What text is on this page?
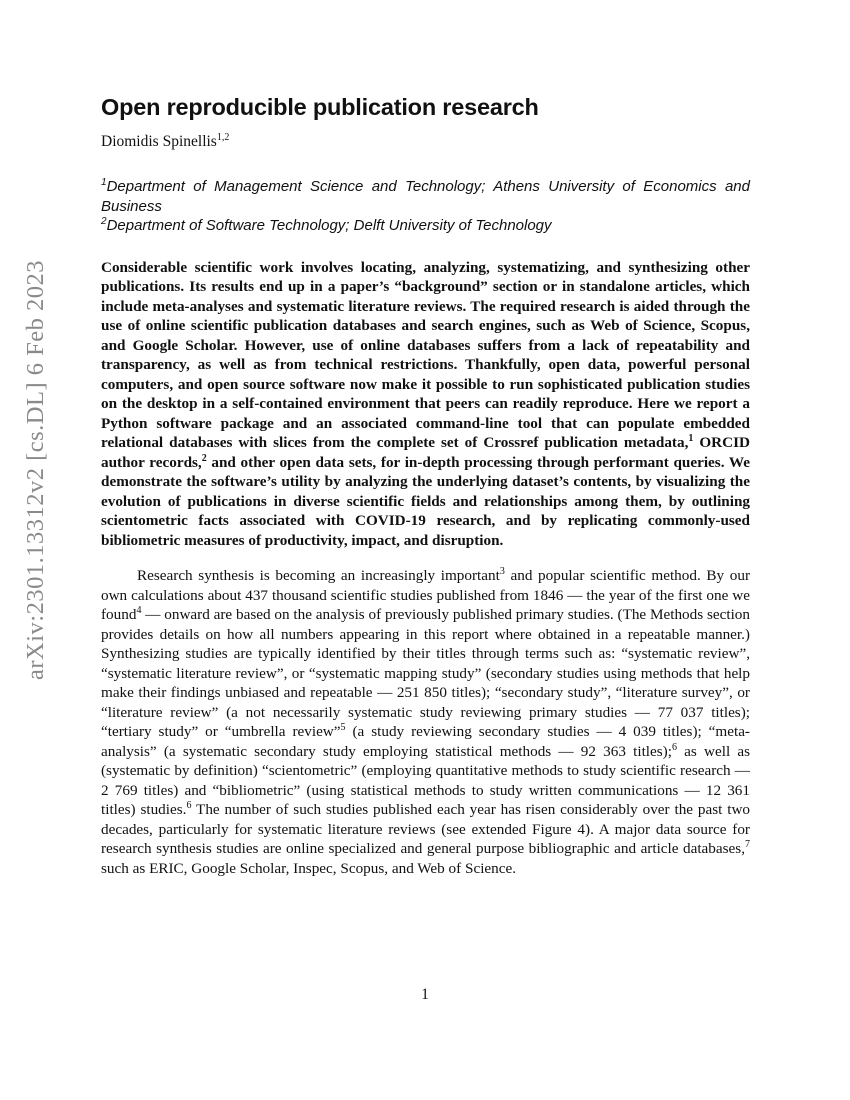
arXiv:2301.13312v2 [cs.DL] 6 Feb 2023
Open reproducible publication research
Diomidis Spinellis$^{1,2}$
$^1$Department of Management Science and Technology; Athens University of Economics and Business
$^2$Department of Software Technology; Delft University of Technology

Considerable scientific work involves locating, analyzing, systematizing, and synthesizing other publications. Its results end up in a paper’s “background” section or in standalone articles, which include meta-analyses and systematic literature reviews. The required research is aided through the use of online scientific publication databases and search engines, such as Web of Science, Scopus, and Google Scholar. However, use of online databases suffers from a lack of repeatability and transparency, as well as from technical restrictions. Thankfully, open data, powerful personal computers, and open source software now make it possible to run sophisticated publication studies on the desktop in a self-contained environment that peers can readily reproduce. Here we report a Python software package and an associated command-line tool that can populate embedded relational databases with slices from the complete set of Crossref publication metadata,$^1$ ORCID author records,$^2$ and other open data sets, for in-depth processing through performant queries. We demonstrate the software’s utility by analyzing the underlying dataset’s contents, by visualizing the evolution of publications in diverse scientific fields and relationships among them, by outlining scientometric facts associated with COVID-19 research, and by replicating commonly-used bibliometric measures of productivity, impact, and disruption.

Research synthesis is becoming an increasingly important$^3$ and popular scientific method. By our own calculations about 437 thousand scientific studies published from 1846 — the year of the first one we found$^4$ — onward are based on the analysis of previously published primary studies. (The Methods section provides details on how all numbers appearing in this report where obtained in a repeatable manner.) Synthesizing studies are typically identified by their titles through terms such as: “systematic review”, “systematic literature review”, or “systematic mapping study” (secondary studies using methods that help make their findings unbiased and repeatable — 251 850 titles); “secondary study”, “literature survey”, or “literature review” (a not necessarily systematic study reviewing primary studies — 77 037 titles); “tertiary study” or “umbrella review”$^5$ (a study reviewing secondary studies — 4 039 titles); “meta-analysis” (a systematic secondary study employing statistical methods — 92 363 titles);$^6$ as well as (systematic by definition) “scientometric” (employing quantitative methods to study scientific research — 2 769 titles) and “bibliometric” (using statistical methods to study written communications — 12 361 titles) studies.$^6$ The number of such studies published each year has risen considerably over the past two decades, particularly for systematic literature reviews (see extended Figure 4). A major data source for research synthesis studies are online specialized and general purpose bibliographic and article databases,$^7$ such as ERIC, Google Scholar, Inspec, Scopus, and Web of Science.

1
